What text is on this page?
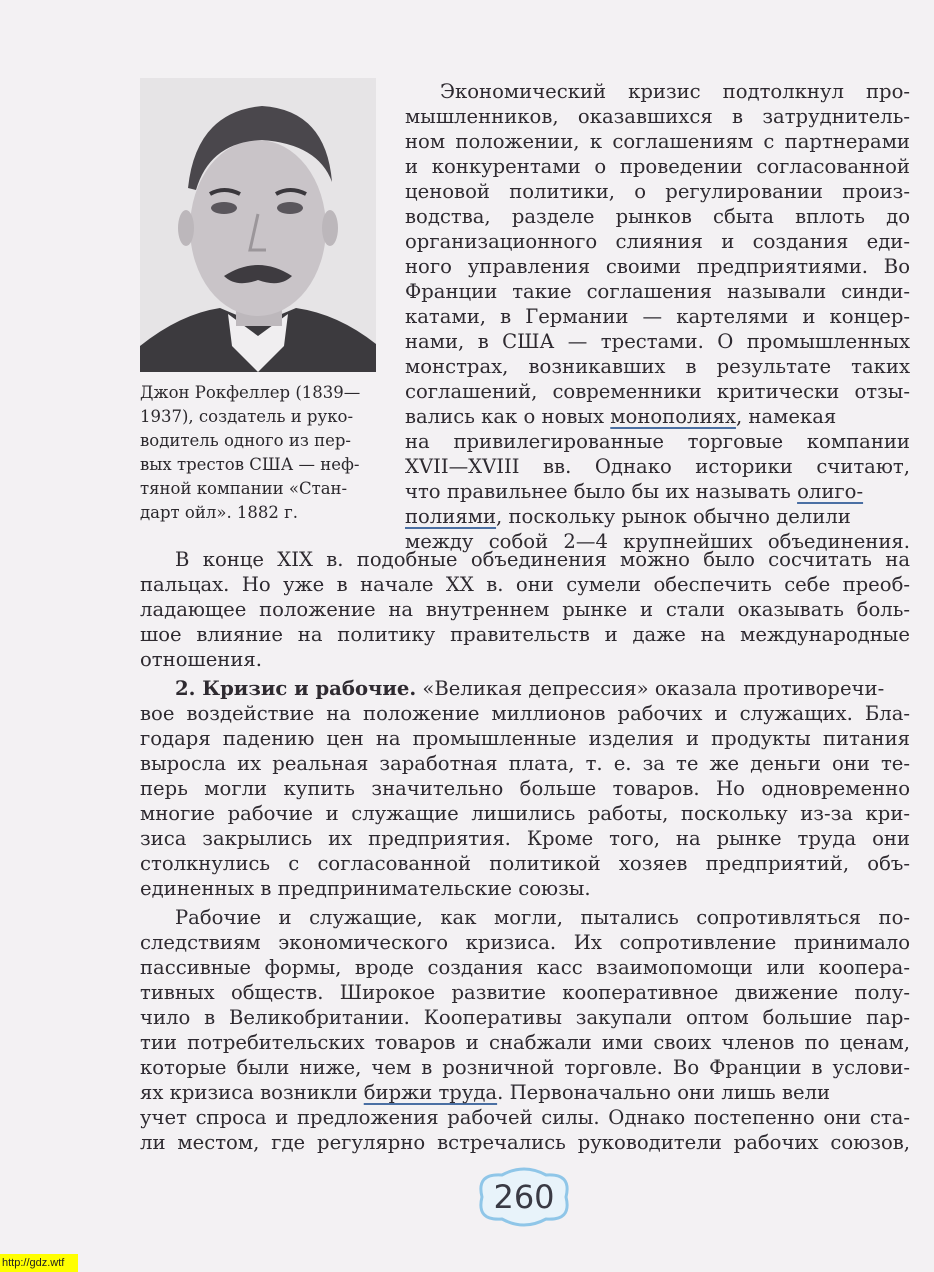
Джон Рокфеллер (1839—
1937), создатель и руко-
водитель одного из пер-
вых трестов США — неф-
тяной компании «Стан-
дарт ойл». 1882 г.
Экономический кризис подтолкнул про-
мышленников, оказавшихся в затруднитель-
ном положении, к соглашениям с партнерами
и конкурентами о проведении согласованной
ценовой политики, о регулировании произ-
водства, разделе рынков сбыта вплоть до
организационного слияния и создания еди-
ного управления своими предприятиями. Во
Франции такие соглашения называли синди-
катами, в Германии — картелями и концер-
нами, в США — трестами. О промышленных
монстрах, возникавших в результате таких
соглашений, современники критически отзы-
вались как о новых монополиях, намекая
на привилегированные торговые компании
XVII—XVIII вв. Однако историки считают,
что правильнее было бы их называть олиго-
полиями, поскольку рынок обычно делили
между собой 2—4 крупнейших объединения.
В конце XIX в. подобные объединения можно было сосчитать на
пальцах. Но уже в начале XX в. они сумели обеспечить себе преоб-
ладающее положение на внутреннем рынке и стали оказывать боль-
шое влияние на политику правительств и даже на международные
отношения.
2. Кризис и рабочие. «Великая депрессия» оказала противоречи-
вое воздействие на положение миллионов рабочих и служащих. Бла-
годаря падению цен на промышленные изделия и продукты питания
выросла их реальная заработная плата, т. е. за те же деньги они те-
перь могли купить значительно больше товаров. Но одновременно
многие рабочие и служащие лишились работы, поскольку из-за кри-
зиса закрылись их предприятия. Кроме того, на рынке труда они
столкнулись с согласованной политикой хозяев предприятий, объ-
единенных в предпринимательские союзы.
Рабочие и служащие, как могли, пытались сопротивляться по-
следствиям экономического кризиса. Их сопротивление принимало
пассивные формы, вроде создания касс взаимопомощи или коопера-
тивных обществ. Широкое развитие кооперативное движение полу-
чило в Великобритании. Кооперативы закупали оптом большие пар-
тии потребительских товаров и снабжали ими своих членов по ценам,
которые были ниже, чем в розничной торговле. Во Франции в услови-
ях кризиса возникли биржи труда. Первоначально они лишь вели
учет спроса и предложения рабочей силы. Однако постепенно они ста-
ли местом, где регулярно встречались руководители рабочих союзов,
260
http://gdz.wtf
